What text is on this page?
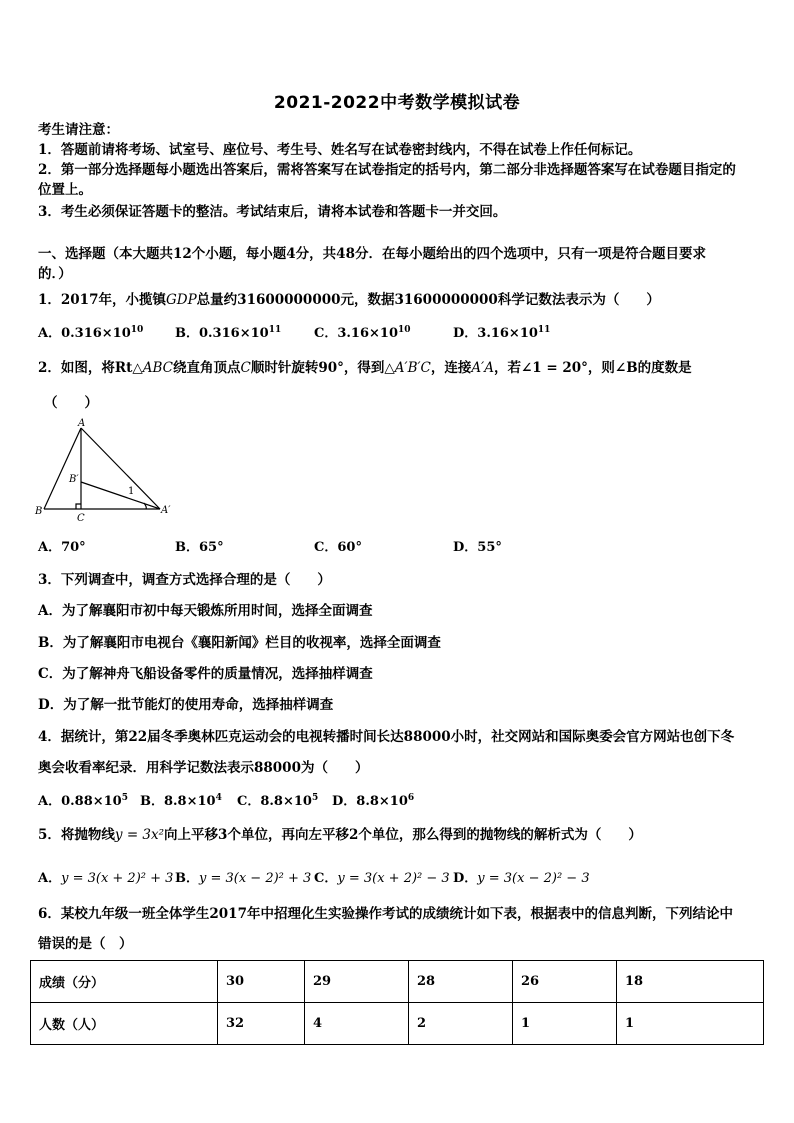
2021-2022中考数学模拟试卷
考生请注意：
1．答题前请将考场、试室号、座位号、考生号、姓名写在试卷密封线内，不得在试卷上作任何标记。
2．第一部分选择题每小题选出答案后，需将答案写在试卷指定的括号内，第二部分非选择题答案写在试卷题目指定的
位置上。
3．考生必须保证答题卡的整洁。考试结束后，请将本试卷和答题卡一并交回。
一、选择题（本大题共12个小题，每小题4分，共48分．在每小题给出的四个选项中，只有一项是符合题目要求
的．）
1．2017年，小揽镇GDP总量约31600000000元，数据31600000000科学记数法表示为（　　）
A．$0.316\times 10^{10}$ B．$0.316\times 10^{11}$	C．$3.16\times 10^{10}$	D．$3.16\times 10^{11}$
2．如图，将Rt△ABC绕直角顶点C顺时针旋转90°，得到△A′B′C，连接A′A，若∠1 = 20°，则∠B的度数是
（　　）
A
B
C
B′
A′
1
A．70°	B．65°	C．60°	D．55°
3．下列调查中，调查方式选择合理的是（　　）
A．为了解襄阳市初中每天锻炼所用时间，选择全面调查
B．为了解襄阳市电视台《襄阳新闻》栏目的收视率，选择全面调查
C．为了解神舟飞船设备零件的质量情况，选择抽样调查
D．为了解一批节能灯的使用寿命，选择抽样调查
4．据统计，第22届冬季奥林匹克运动会的电视转播时间长达88000小时，社交网站和国际奥委会官方网站也创下冬
奥会收看率纪录．用科学记数法表示88000为（　　）
A．$0.88\times 10^5$ B．$8.8\times 10^4$ C．$8.8\times 10^5$ D．$8.8\times 10^6$
5．将抛物线y = 3x²向上平移3个单位，再向左平移2个单位，那么得到的抛物线的解析式为（　　）
A．y = 3(x + 2)² + 3 B．y = 3(x − 2)² + 3 C．y = 3(x + 2)² − 3 D．y = 3(x − 2)² − 3
6．某校九年级一班全体学生2017年中招理化生实验操作考试的成绩统计如下表，根据表中的信息判断，下列结论中
错误的是（　）
成绩（分）	30	29	28	26	18
人数（人）	32	4	2	1	1
